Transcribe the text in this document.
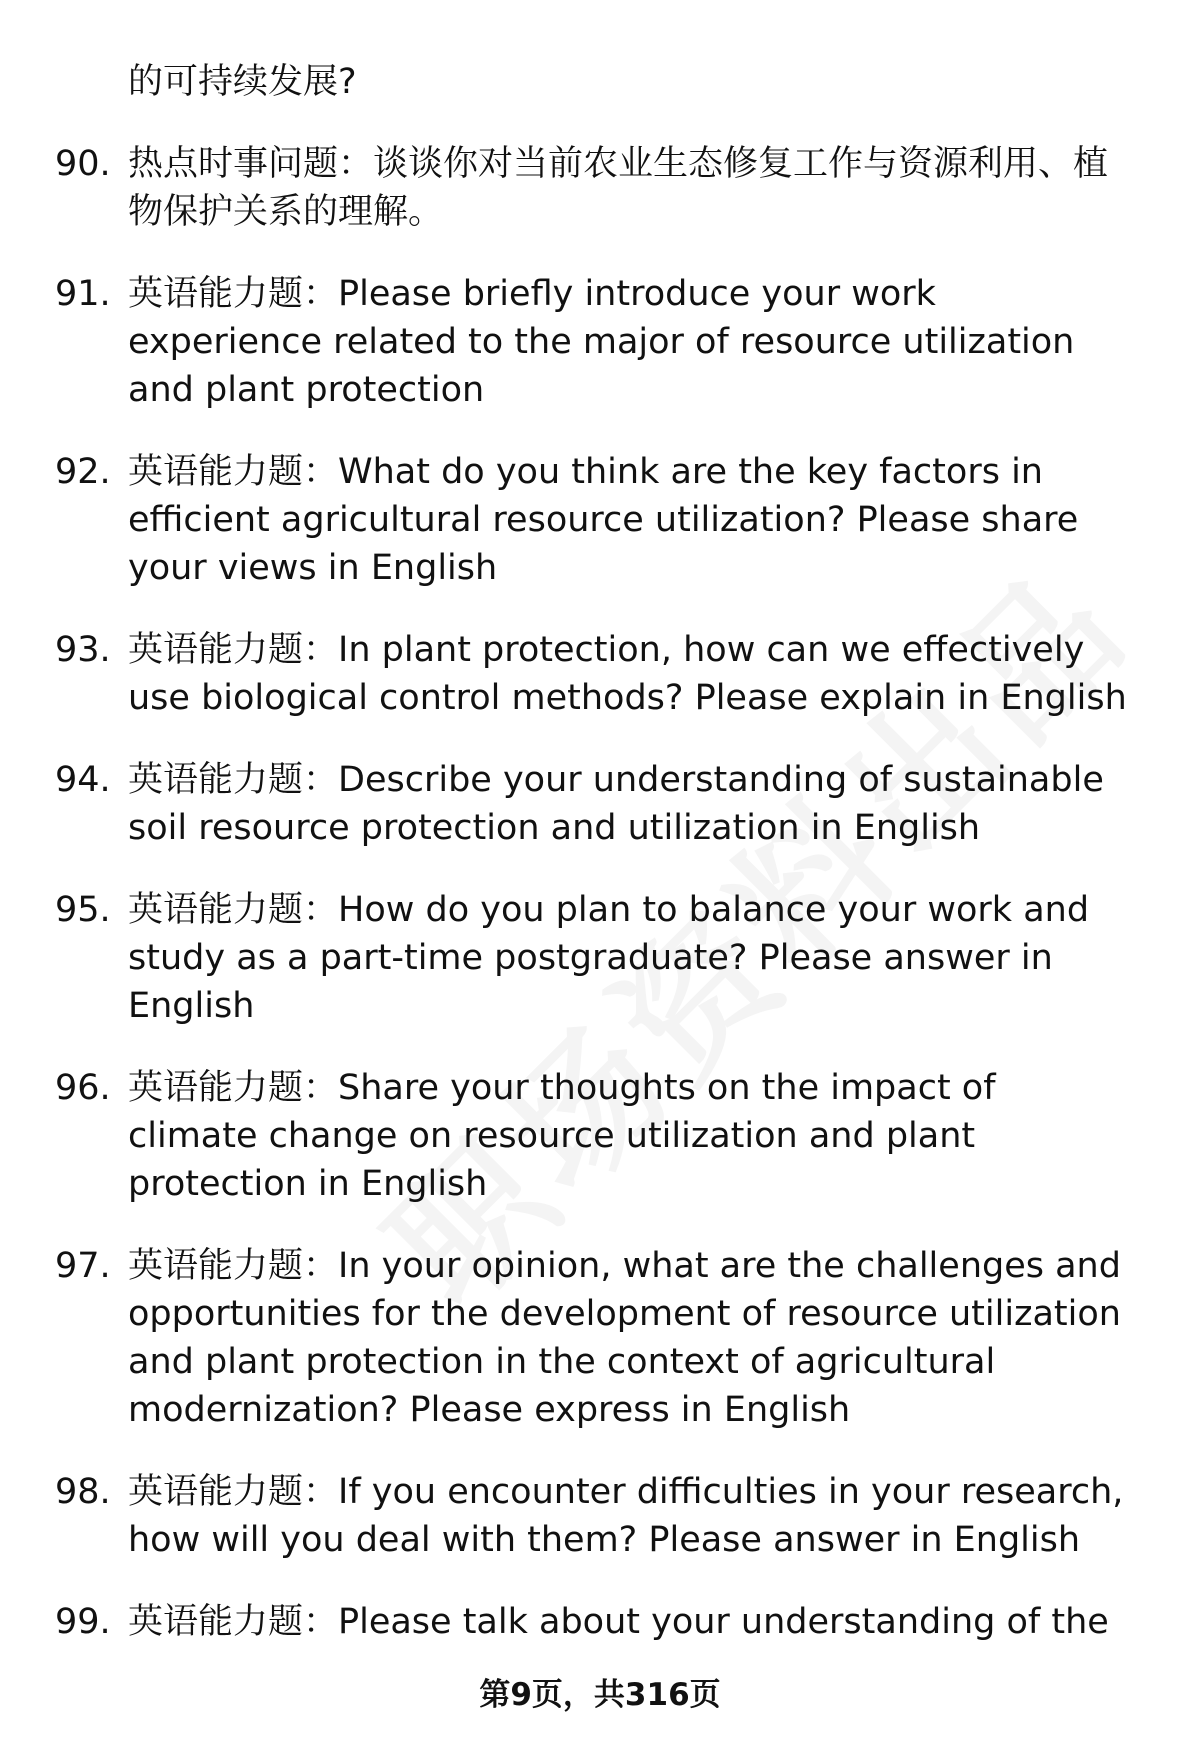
的可持续发展?
90. 热点时事问题：谈谈你对当前农业生态修复工作与资源利用、植物保护关系的理解。
91. 英语能力题：Please briefly introduce your work experience related to the major of resource utilization and plant protection
92. 英语能力题：What do you think are the key factors in efficient agricultural resource utilization? Please share your views in English
93. 英语能力题：In plant protection, how can we effectively use biological control methods? Please explain in English
94. 英语能力题：Describe your understanding of sustainable soil resource protection and utilization in English
95. 英语能力题：How do you plan to balance your work and study as a part-time postgraduate? Please answer in English
96. 英语能力题：Share your thoughts on the impact of climate change on resource utilization and plant protection in English
97. 英语能力题：In your opinion, what are the challenges and opportunities for the development of resource utilization and plant protection in the context of agricultural modernization? Please express in English
98. 英语能力题：If you encounter difficulties in your research, how will you deal with them? Please answer in English
99. 英语能力题：Please talk about your understanding of the
第9页，共316页
